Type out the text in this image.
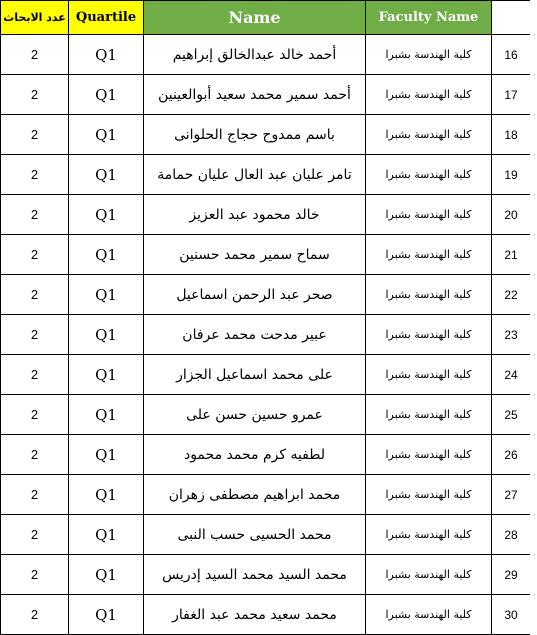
عدد الابحاث	Quartile	Name	Faculty Name	
2	Q1	أحمد خالد عبدالخالق إبراهيم	كلية الهندسة بشبرا	16
2	Q1	أحمد سمير محمد سعيد أبوالعينين	كلية الهندسة بشبرا	17
2	Q1	باسم ممدوح حجاج الحلوانى	كلية الهندسة بشبرا	18
2	Q1	تامر عليان عبد العال عليان حمامة	كلية الهندسة بشبرا	19
2	Q1	خالد محمود عبد العزيز	كلية الهندسة بشبرا	20
2	Q1	سماح سمير محمد حسنين	كلية الهندسة بشبرا	21
2	Q1	صحر عبد الرحمن اسماعيل	كلية الهندسة بشبرا	22
2	Q1	عبير مدحت محمد عرفان	كلية الهندسة بشبرا	23
2	Q1	على محمد اسماعيل الجزار	كلية الهندسة بشبرا	24
2	Q1	عمرو حسين حسن على	كلية الهندسة بشبرا	25
2	Q1	لطفيه كرم محمد محمود	كلية الهندسة بشبرا	26
2	Q1	محمد ابراهيم مصطفى زهران	كلية الهندسة بشبرا	27
2	Q1	محمد الحسيى حسب النبى	كلية الهندسة بشبرا	28
2	Q1	محمد السيد محمد السيد إدريس	كلية الهندسة بشبرا	29
2	Q1	محمد سعيد محمد عبد الغفار	كلية الهندسة بشبرا	30
